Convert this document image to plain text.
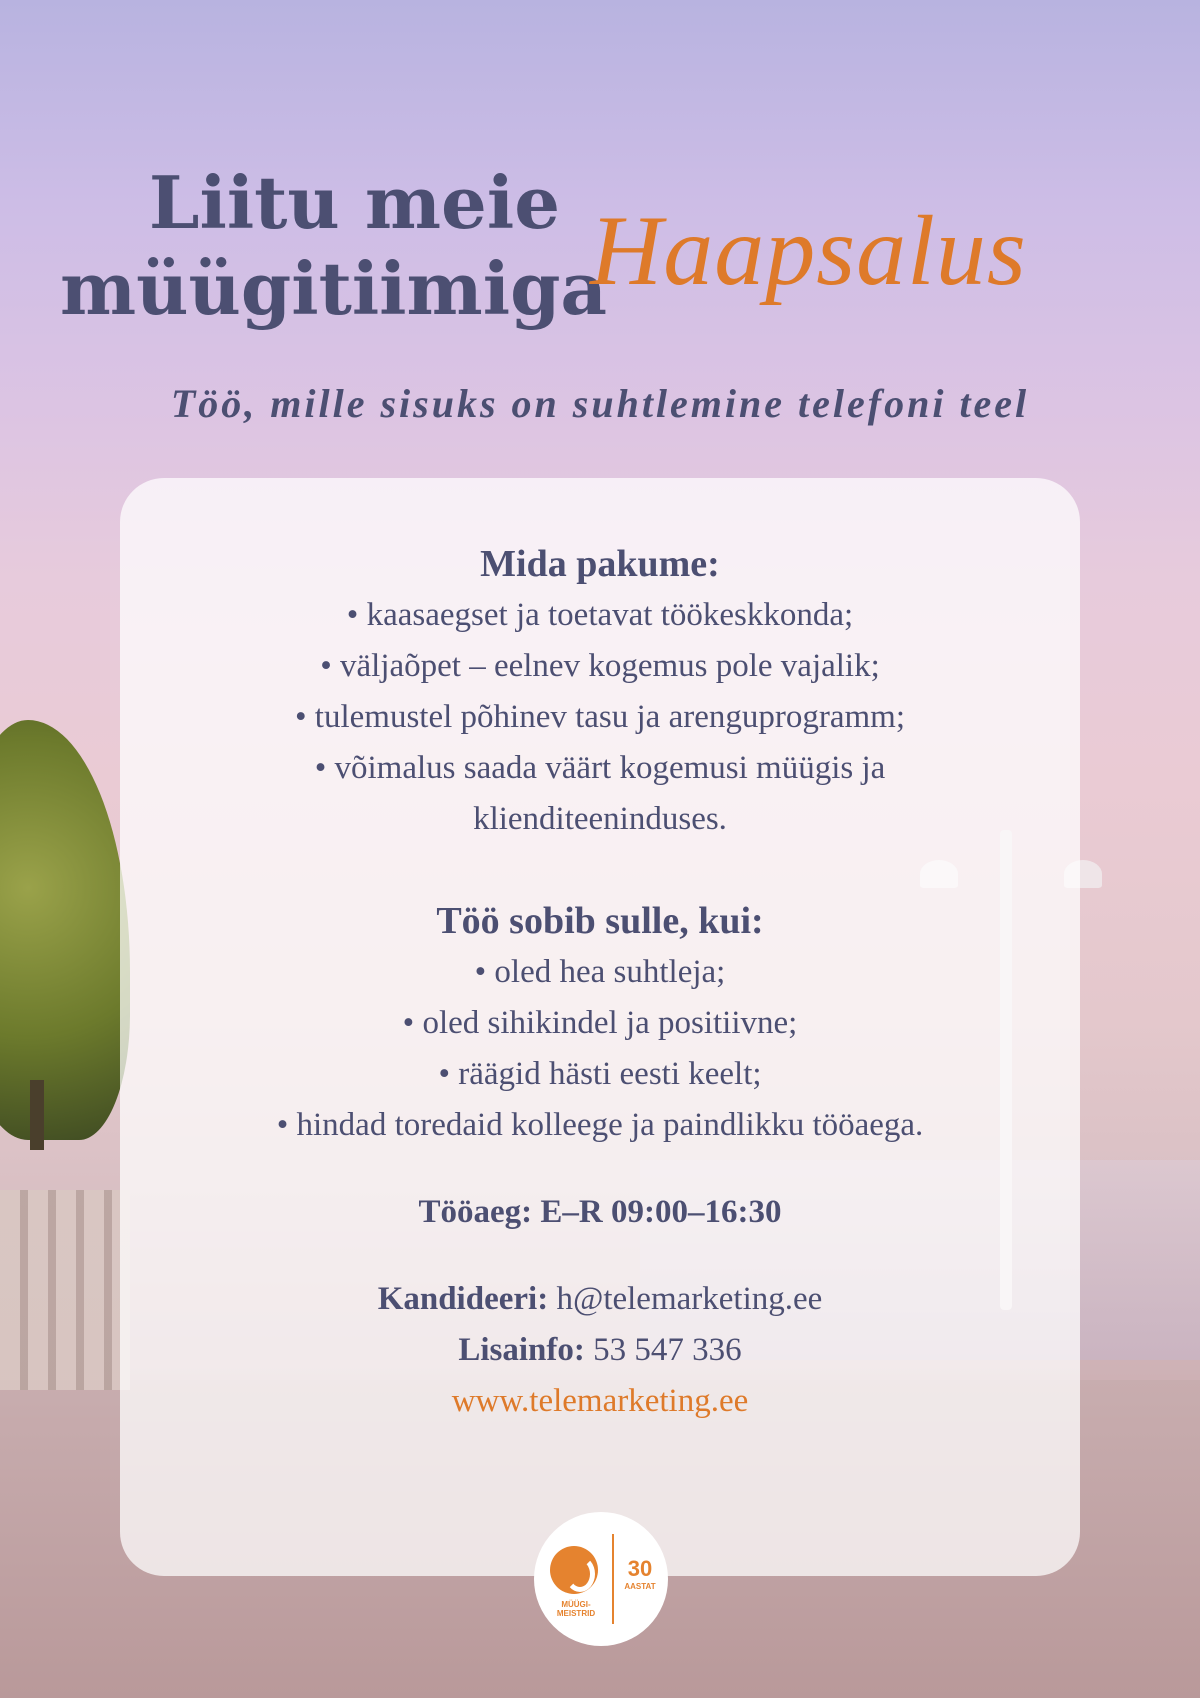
Liitu meie
müügitiimiga
Haapsalus
Töö, mille sisuks on suhtlemine telefoni teel

Mida pakume:

• kaasaegset ja toetavat töökeskkonda;

• väljaõpet – eelnev kogemus pole vajalik;

• tulemustel põhinev tasu ja arenguprogramm;

• võimalus saada väärt kogemusi müügis ja

klienditeeninduses.

Töö sobib sulle, kui:

• oled hea suhtleja;

• oled sihikindel ja positiivne;

• räägid hästi eesti keelt;

• hindad toredaid kolleege ja paindlikku tööaega.

Tööaeg: E–R 09:00–16:30

Kandideeri: h@telemarketing.ee

Lisainfo: 53 547 336

www.telemarketing.ee

MÜÜGI-
MEISTRID
30
AASTAT
